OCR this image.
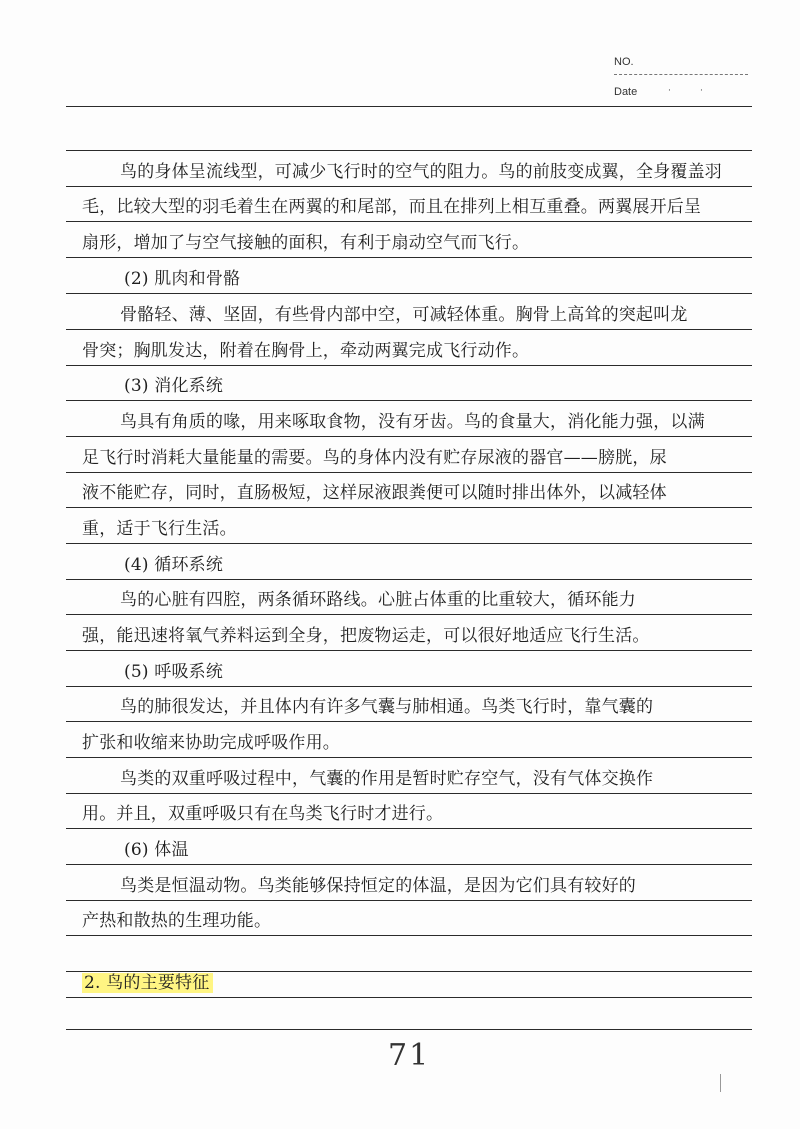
NO.
Date	·	·
鸟的身体呈流线型，可减少飞行时的空气的阻力。鸟的前肢变成翼，全身覆盖羽
毛，比较大型的羽毛着生在两翼的和尾部，而且在排列上相互重叠。两翼展开后呈
扇形，增加了与空气接触的面积，有利于扇动空气而飞行。
(2) 肌肉和骨骼
骨骼轻、薄、坚固，有些骨内部中空，可减轻体重。胸骨上高耸的突起叫龙
骨突；胸肌发达，附着在胸骨上，牵动两翼完成飞行动作。
(3) 消化系统
鸟具有角质的喙，用来啄取食物，没有牙齿。鸟的食量大，消化能力强，以满
足飞行时消耗大量能量的需要。鸟的身体内没有贮存尿液的器官——膀胱，尿
液不能贮存，同时，直肠极短，这样尿液跟粪便可以随时排出体外，以减轻体
重，适于飞行生活。
(4) 循环系统
鸟的心脏有四腔，两条循环路线。心脏占体重的比重较大，循环能力
强，能迅速将氧气养料运到全身，把废物运走，可以很好地适应飞行生活。
(5) 呼吸系统
鸟的肺很发达，并且体内有许多气囊与肺相通。鸟类飞行时，靠气囊的
扩张和收缩来协助完成呼吸作用。
鸟类的双重呼吸过程中，气囊的作用是暂时贮存空气，没有气体交换作
用。并且，双重呼吸只有在鸟类飞行时才进行。
(6) 体温
鸟类是恒温动物。鸟类能够保持恒定的体温，是因为它们具有较好的
产热和散热的生理功能。
2. 鸟的主要特征
71
